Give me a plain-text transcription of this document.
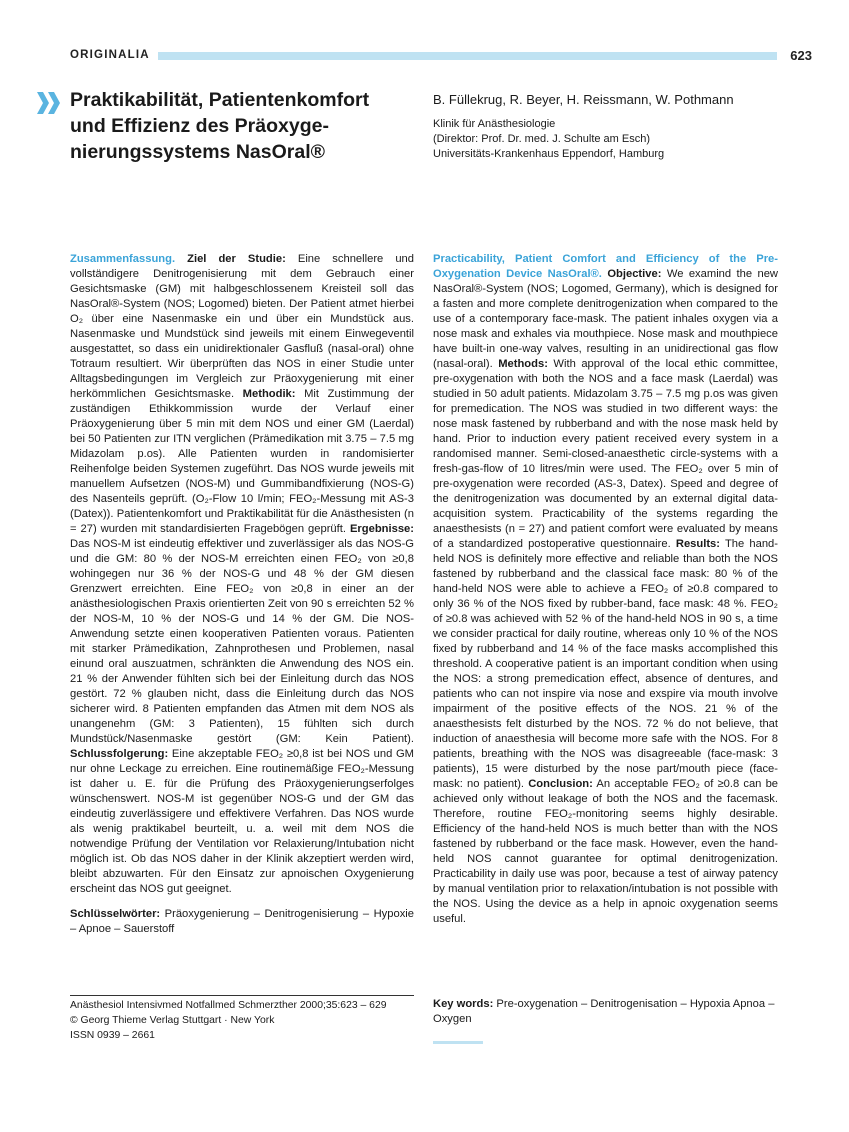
ORIGINALIA	623
Praktikabilität, Patientenkomfort und Effizienz des Präoxygenierungssystems NasOral®
B. Füllekrug, R. Beyer, H. Reissmann, W. Pothmann
Klinik für Anästhesiologie
(Direktor: Prof. Dr. med. J. Schulte am Esch)
Universitäts-Krankenhaus Eppendorf, Hamburg

Zusammenfassung. Ziel der Studie: Eine schnellere und vollständigere Denitrogenisierung mit dem Gebrauch einer Gesichtsmaske (GM) mit halbgeschlossenem Kreisteil soll das NasOral®-System (NOS; Logomed) bieten. Der Patient atmet hierbei O₂ über eine Nasenmaske ein und über ein Mundstück aus. Nasenmaske und Mundstück sind jeweils mit einem Einwegeventil ausgestattet, so dass ein unidirektionaler Gasfluß (nasal-oral) ohne Totraum resultiert. Wir überprüften das NOS in einer Studie unter Alltagsbedingungen im Vergleich zur Präoxygenierung mit einer herkömmlichen Gesichtsmaske. Methodik: Mit Zustimmung der zuständigen Ethikkommission wurde der Verlauf einer Präoxygenierung über 5 min mit dem NOS und einer GM (Laerdal) bei 50 Patienten zur ITN verglichen (Prämedikation mit 3.75 – 7.5 mg Midazolam p.os). Alle Patienten wurden in randomisierter Reihenfolge beiden Systemen zugeführt. Das NOS wurde jeweils mit manuellem Aufsetzen (NOS-M) und Gummibandfixierung (NOS-G) des Nasenteils geprüft. (O₂-Flow 10 l/min; FEO₂-Messung mit AS-3 (Datex)). Patientenkomfort und Praktikabilität für die Anästhesisten (n = 27) wurden mit standardisierten Fragebögen geprüft. Ergebnisse: Das NOS-M ist eindeutig effektiver und zuverlässiger als das NOS-G und die GM: 80 % der NOS-M erreichten einen FEO₂ von ≥0,8 wohingegen nur 36 % der NOS-G und 48 % der GM diesen Grenzwert erreichten. Eine FEO₂ von ≥0,8 in einer an der anästhesiologischen Praxis orientierten Zeit von 90 s erreichten 52 % der NOS-M, 10 % der NOS-G und 14 % der GM. Die NOS-Anwendung setzte einen kooperativen Patienten voraus. Patienten mit starker Prämedikation, Zahnprothesen und Problemen, nasal einund oral auszuatmen, schränkten die Anwendung des NOS ein. 21 % der Anwender fühlten sich bei der Einleitung durch das NOS gestört. 72 % glauben nicht, dass die Einleitung durch das NOS sicherer wird. 8 Patienten empfanden das Atmen mit dem NOS als unangenehm (GM: 3 Patienten), 15 fühlten sich durch Mundstück/Nasenmaske gestört (GM: Kein Patient). Schlussfolgerung: Eine akzeptable FEO₂ ≥0,8 ist bei NOS und GM nur ohne Leckage zu erreichen. Eine routinemäßige FEO₂-Messung ist daher u. E. für die Prüfung des Präoxygenierungserfolges wünschenswert. NOS-M ist gegenüber NOS-G und der GM das eindeutig zuverlässigere und effektivere Verfahren. Das NOS wurde als wenig praktikabel beurteilt, u. a. weil mit dem NOS die notwendige Prüfung der Ventilation vor Relaxierung/Intubation nicht möglich ist. Ob das NOS daher in der Klinik akzeptiert werden wird, bleibt abzuwarten. Für den Einsatz zur apnoischen Oxygenierung erscheint das NOS gut geeignet.

Schlüsselwörter: Präoxygenierung – Denitrogenisierung – Hypoxie – Apnoe – Sauerstoff

Practicability, Patient Comfort and Efficiency of the Pre-Oxygenation Device NasOral®. Objective: We examind the new NasOral®-System (NOS; Logomed, Germany), which is designed for a fasten and more complete denitrogenization when compared to the use of a contemporary face-mask. The patient inhales oxygen via a nose mask and exhales via mouthpiece. Nose mask and mouthpiece have built-in one-way valves, resulting in an unidirectional gas flow (nasal-oral). Methods: With approval of the local ethic committee, pre-oxygenation with both the NOS and a face mask (Laerdal) was studied in 50 adult patients. Midazolam 3.75 – 7.5 mg p.os was given for premedication. The NOS was studied in two different ways: the nose mask fastened by rubberband and with the nose mask held by hand. Prior to induction every patient received every system in a randomised manner. Semi-closed-anaesthetic circle-systems with a fresh-gas-flow of 10 litres/min were used. The FEO₂ over 5 min of pre-oxygenation were recorded (AS-3, Datex). Speed and degree of the denitrogenization was documented by an external digital data-acquisition system. Practicability of the systems regarding the anaesthesists (n = 27) and patient comfort were evaluated by means of a standardized postoperative questionnaire. Results: The hand-held NOS is definitely more effective and reliable than both the NOS fastened by rubberband and the classical face mask: 80 % of the hand-held NOS were able to achieve a FEO₂ of ≥0.8 compared to only 36 % of the NOS fixed by rubber-band, face mask: 48 %. FEO₂ of ≥0.8 was achieved with 52 % of the hand-held NOS in 90 s, a time we consider practical for daily routine, whereas only 10 % of the NOS fixed by rubberband and 14 % of the face masks accomplished this threshold. A cooperative patient is an important condition when using the NOS: a strong premedication effect, absence of dentures, and patients who can not inspire via nose and exspire via mouth involve impairment of the positive effects of the NOS. 21 % of the anaesthesists felt disturbed by the NOS. 72 % do not believe, that induction of anaesthesia will become more safe with the NOS. For 8 patients, breathing with the NOS was disagreeable (face-mask: 3 patients), 15 were disturbed by the nose part/mouth piece (face-mask: no patient). Conclusion: An acceptable FEO₂ of ≥0.8 can be achieved only without leakage of both the NOS and the facemask. Therefore, routine FEO₂-monitoring seems highly desirable. Efficiency of the hand-held NOS is much better than with the NOS fastened by rubberband or the face mask. However, even the hand-held NOS cannot guarantee for optimal denitrogenization. Practicability in daily use was poor, because a test of airway patency by manual ventilation prior to relaxation/intubation is not possible with the NOS. Using the device as a help in apnoic oxygenation seems useful.

Anästhesiol Intensivmed Notfallmed Schmerzther 2000;35:623 – 629
© Georg Thieme Verlag Stuttgart · New York
ISSN 0939 – 2661
Key words: Pre-oxygenation – Denitrogenisation – Hypoxia Apnoa – Oxygen
